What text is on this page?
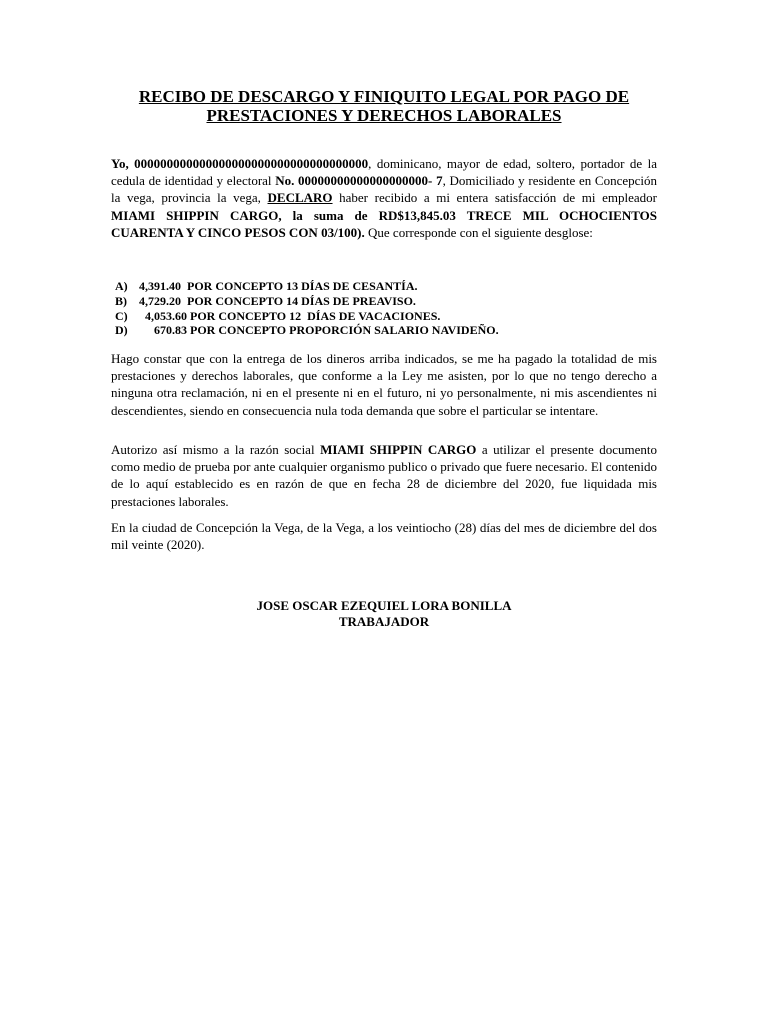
RECIBO DE DESCARGO Y FINIQUITO LEGAL POR PAGO DE
PRESTACIONES Y DERECHOS LABORALES
Yo, 000000000000000000000000000000000000, dominicano, mayor de edad, soltero, portador de la cedula de identidad y electoral No. 00000000000000000000- 7, Domiciliado y residente en Concepción la vega, provincia la vega, DECLARO haber recibido a mi entera satisfacción de mi empleador MIAMI SHIPPIN CARGO, la suma de RD$13,845.03 TRECE MIL OCHOCIENTOS CUARENTA Y CINCO PESOS CON 03/100). Que corresponde con el siguiente desglose:
A) 4,391.40  POR CONCEPTO 13 DÍAS DE CESANTÍA.
B)	4,729.20  POR CONCEPTO 14 DÍAS DE PREAVISO.
C) 4,053.60 POR CONCEPTO 12  DÍAS DE VACACIONES.
D) 670.83 POR CONCEPTO PROPORCIÓN SALARIO NAVIDEÑO.
Hago constar que con la entrega de los dineros arriba indicados, se me ha pagado la totalidad de mis prestaciones y derechos laborales, que conforme a la Ley me asisten, por lo que no tengo derecho a ninguna otra reclamación, ni en el presente ni en el futuro, ni yo personalmente, ni mis ascendientes ni descendientes, siendo en consecuencia nula toda demanda que sobre el particular se intentare.
Autorizo así mismo a la razón social MIAMI SHIPPIN CARGO a utilizar el presente documento como medio de prueba por ante cualquier organismo publico o privado que fuere necesario. El contenido de lo aquí establecido es en razón de que en fecha 28 de diciembre del 2020, fue liquidada mis prestaciones laborales.
En la ciudad de Concepción la Vega, de la Vega, a los veintiocho (28) días del mes de diciembre del dos mil veinte (2020).
JOSE OSCAR EZEQUIEL LORA BONILLA
TRABAJADOR
